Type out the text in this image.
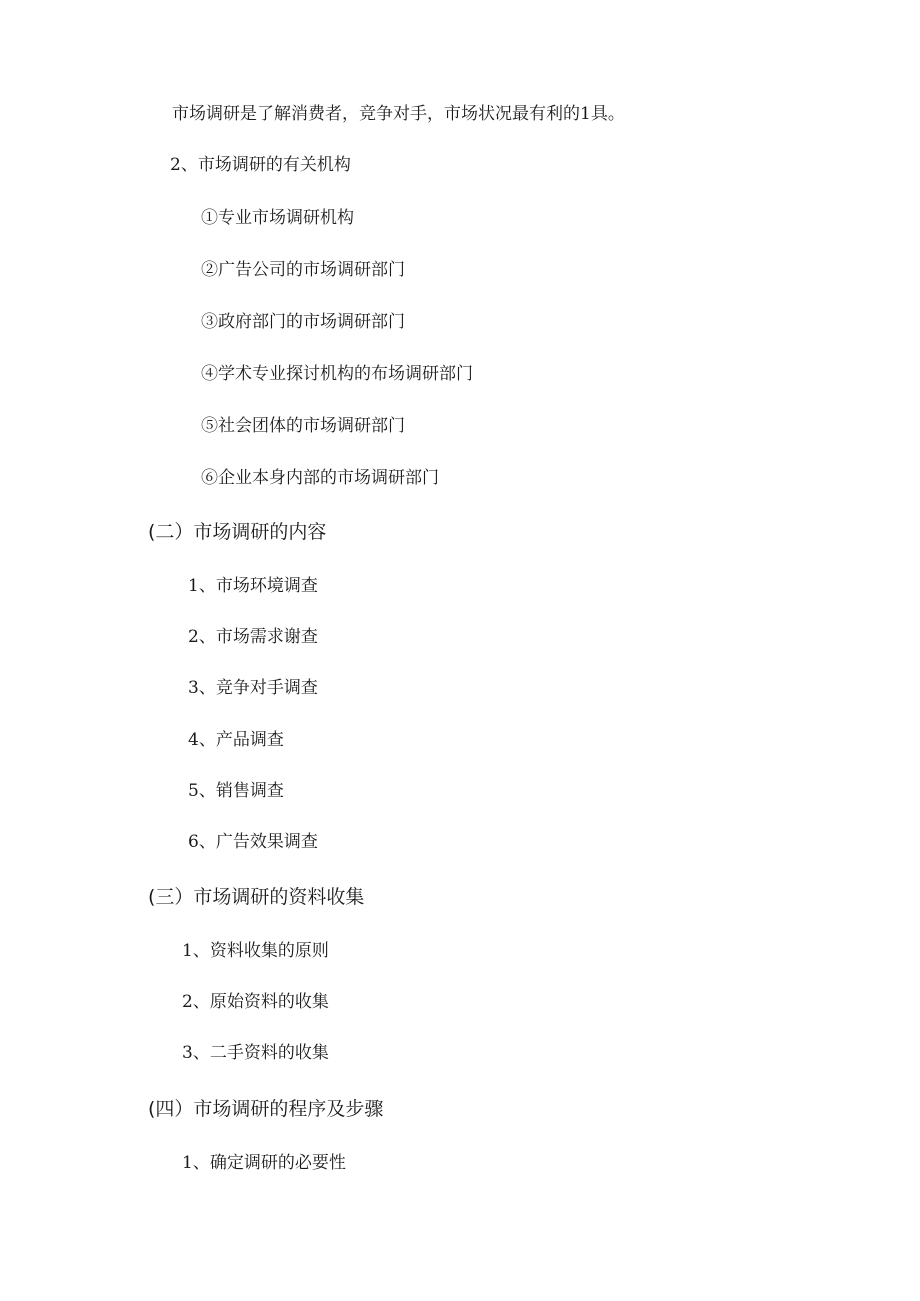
市场调研是了解消费者，竞争对手，市场状况最有利的1具。
2、市场调研的有关机构
①专业市场调研机构
②广告公司的市场调研部门
③政府部门的市场调研部门
④学术专业探讨机构的布场调研部门
⑤社会团体的市场调研部门
⑥企业本身内部的市场调研部门
(二）市场调研的内容
1、市场环境调查
2、市场需求谢查
3、竞争对手调查
4、产品调查
5、销售调查
6、广告效果调查
(三）市场调研的资料收集
1、资料收集的原则
2、原始资料的收集
3、二手资料的收集
(四）市场调研的程序及步骤
1、确定调研的必要性
